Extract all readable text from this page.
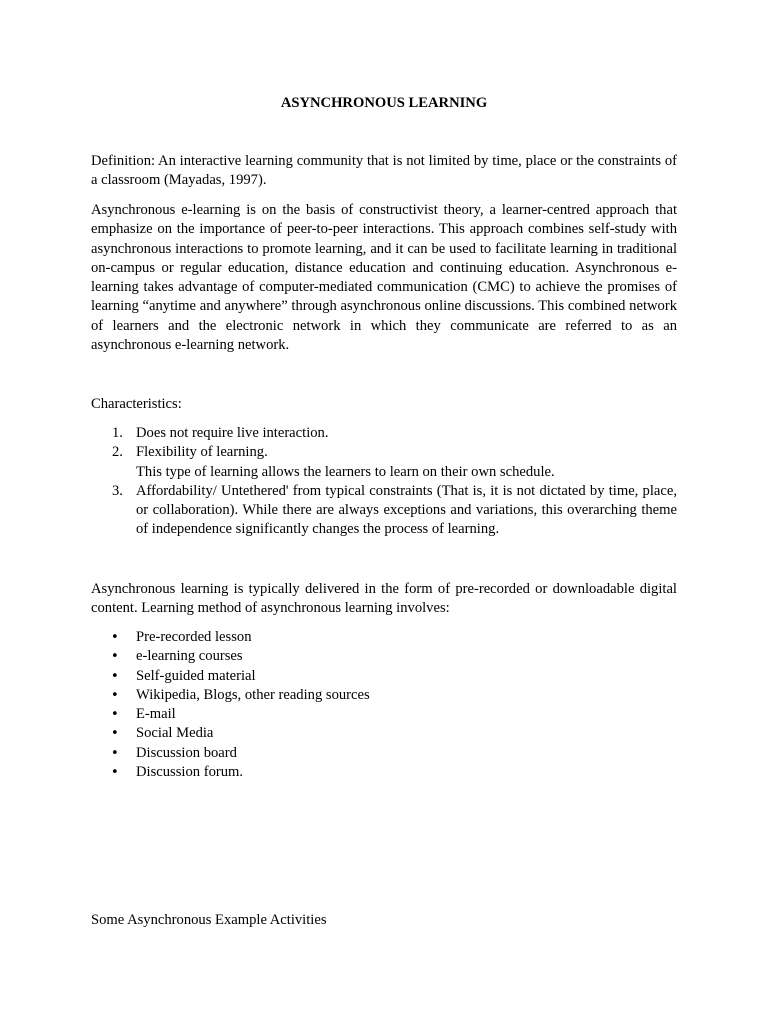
ASYNCHRONOUS LEARNING

Definition: An interactive learning community that is not limited by time, place or the constraints of a classroom (Mayadas, 1997).

Asynchronous e-learning is on the basis of constructivist theory, a learner-centred approach that emphasize on the importance of peer-to-peer interactions. This approach combines self-study with asynchronous interactions to promote learning, and it can be used to facilitate learning in traditional on-campus or regular education, distance education and continuing education. Asynchronous e-learning takes advantage of computer-mediated communication (CMC) to achieve the promises of learning “anytime and anywhere” through asynchronous online discussions. This combined network of learners and the electronic network in which they communicate are referred to as an asynchronous e-learning network.

Characteristics:

1. Does not require live interaction.
2. Flexibility of learning.
This type of learning allows the learners to learn on their own schedule.
3. Affordability/ Untethered' from typical constraints (That is, it is not dictated by time, place, or collaboration). While there are always exceptions and variations, this overarching theme of independence significantly changes the process of learning.

Asynchronous learning is typically delivered in the form of pre-recorded or downloadable digital content. Learning method of asynchronous learning involves:

• Pre-recorded lesson
• e-learning courses
• Self-guided material
• Wikipedia, Blogs, other reading sources
• E-mail
• Social Media
• Discussion board
• Discussion forum.

Some Asynchronous Example Activities
